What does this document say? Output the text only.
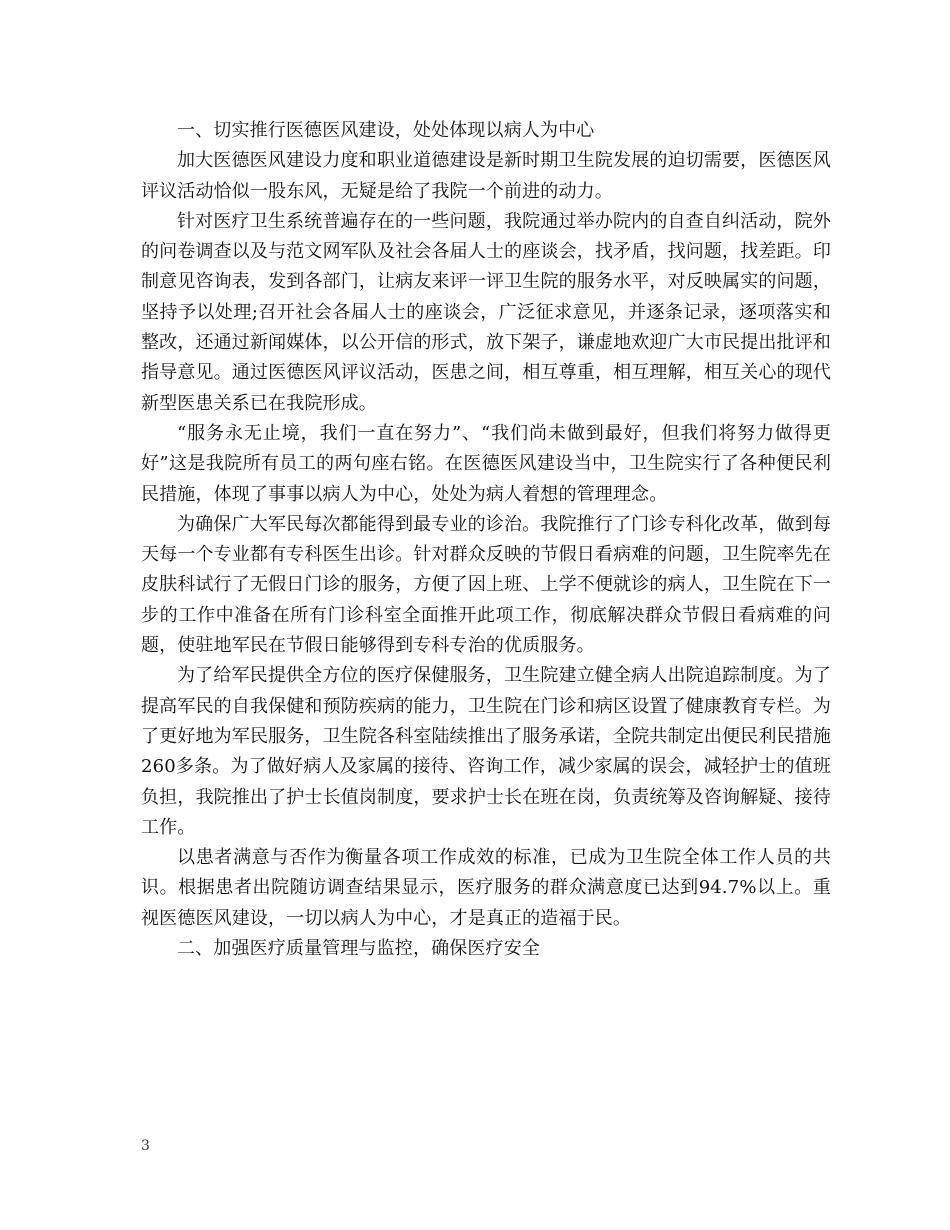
一、切实推行医德医风建设，处处体现以病人为中心

加大医德医风建设力度和职业道德建设是新时期卫生院发展的迫切需要，医德医风评议活动恰似一股东风，无疑是给了我院一个前进的动力。

针对医疗卫生系统普遍存在的一些问题，我院通过举办院内的自查自纠活动，院外的问卷调查以及与范文网军队及社会各届人士的座谈会，找矛盾，找问题，找差距。印制意见咨询表，发到各部门，让病友来评一评卫生院的服务水平，对反映属实的问题，坚持予以处理;召开社会各届人士的座谈会，广泛征求意见，并逐条记录，逐项落实和整改，还通过新闻媒体，以公开信的形式，放下架子，谦虚地欢迎广大市民提出批评和指导意见。通过医德医风评议活动，医患之间，相互尊重，相互理解，相互关心的现代新型医患关系已在我院形成。

“服务永无止境，我们一直在努力”、“我们尚未做到最好，但我们将努力做得更好”这是我院所有员工的两句座右铭。在医德医风建设当中，卫生院实行了各种便民利民措施，体现了事事以病人为中心，处处为病人着想的管理理念。

为确保广大军民每次都能得到最专业的诊治。我院推行了门诊专科化改革，做到每天每一个专业都有专科医生出诊。针对群众反映的节假日看病难的问题，卫生院率先在皮肤科试行了无假日门诊的服务，方便了因上班、上学不便就诊的病人，卫生院在下一步的工作中准备在所有门诊科室全面推开此项工作，彻底解决群众节假日看病难的问题，使驻地军民在节假日能够得到专科专治的优质服务。

为了给军民提供全方位的医疗保健服务，卫生院建立健全病人出院追踪制度。为了提高军民的自我保健和预防疾病的能力，卫生院在门诊和病区设置了健康教育专栏。为了更好地为军民服务，卫生院各科室陆续推出了服务承诺，全院共制定出便民利民措施260多条。为了做好病人及家属的接待、咨询工作，减少家属的误会，减轻护士的值班负担，我院推出了护士长值岗制度，要求护士长在班在岗，负责统筹及咨询解疑、接待工作。

以患者满意与否作为衡量各项工作成效的标准，已成为卫生院全体工作人员的共识。根据患者出院随访调查结果显示，医疗服务的群众满意度已达到94.7%以上。重视医德医风建设，一切以病人为中心，才是真正的造福于民。

二、加强医疗质量管理与监控，确保医疗安全

3
